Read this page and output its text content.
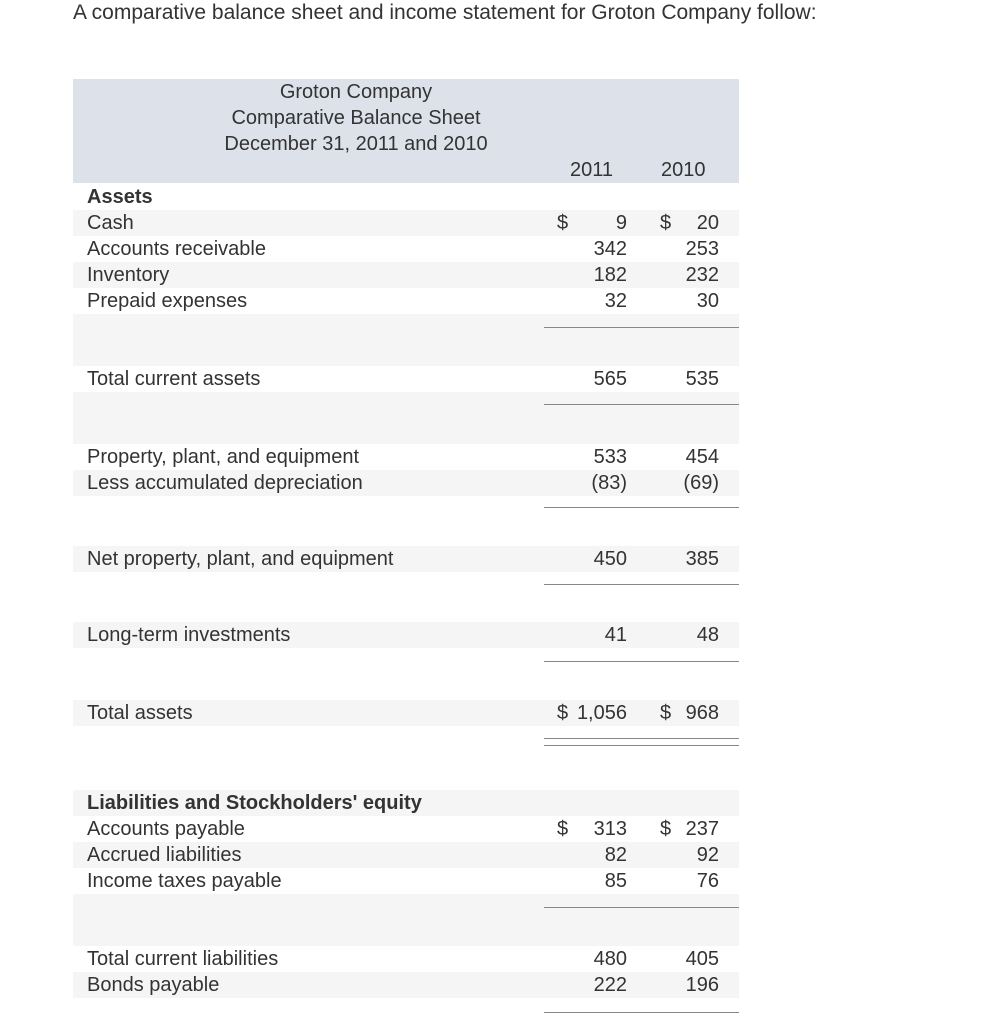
A comparative balance sheet and income statement for Groton Company follow:
Groton Company
Comparative Balance Sheet
December 31, 2011 and 2010
2011 2010
Assets
Cash	$ 9 $ 20
Accounts receivable	342	253
Inventory	182	232
Prepaid expenses	32	30
Total current assets	565	535
Property, plant, and equipment	533	454
Less accumulated depreciation	(83)	(69)
Net property, plant, and equipment	450	385
Long-term investments	41	48
Total assets	$ 1,056 $ 968
Liabilities and Stockholders' equity
Accounts payable	$ 313 $ 237
Accrued liabilities	82	92
Income taxes payable	85	76
Total current liabilities	480	405
Bonds payable	222	196
